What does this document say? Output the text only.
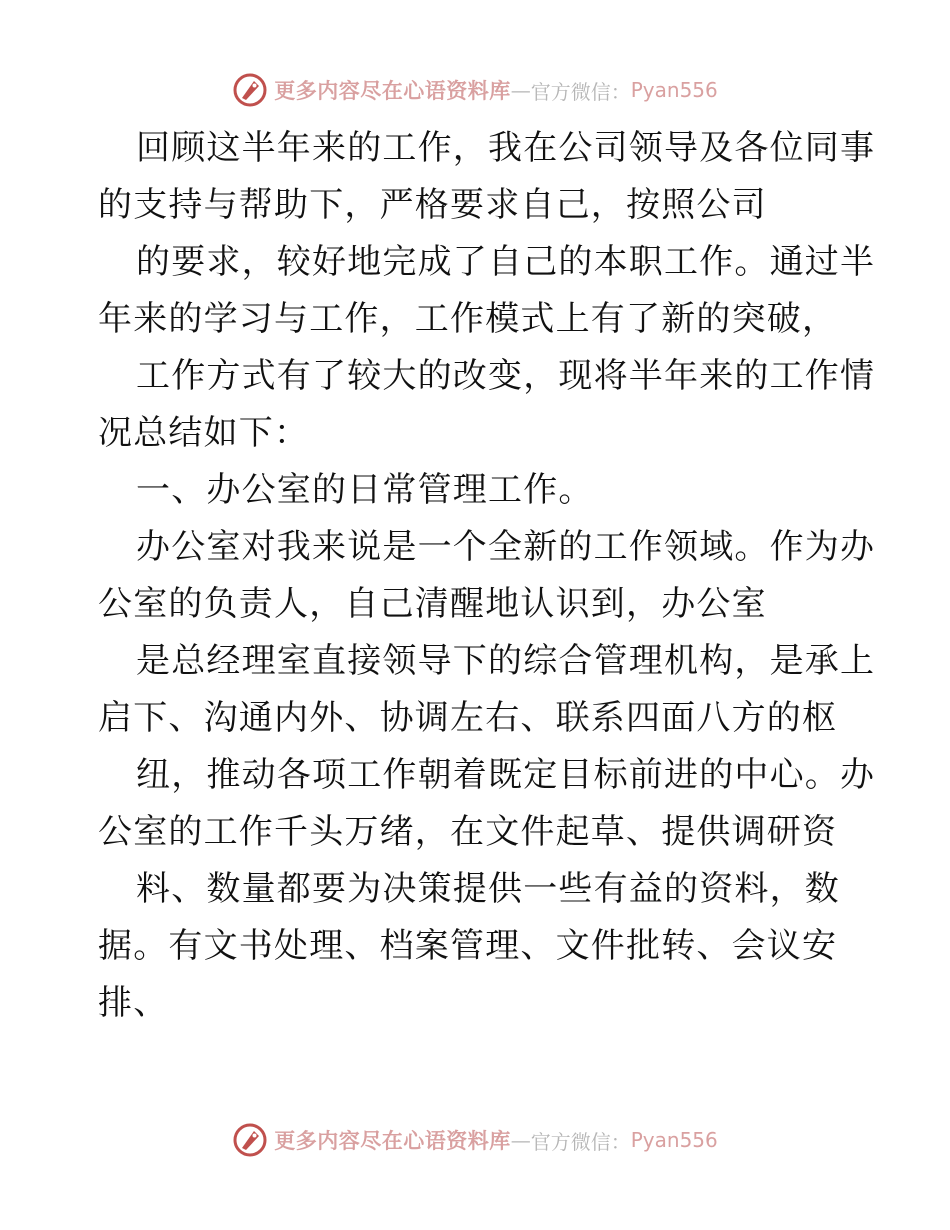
更多内容尽在心语资料库 — 官方微信： Pyan556
回顾这半年来的工作，我在公司领导及各位同事
的支持与帮助下，严格要求自己，按照公司
的要求，较好地完成了自己的本职工作。通过半
年来的学习与工作，工作模式上有了新的突破，
工作方式有了较大的改变，现将半年来的工作情
况总结如下：
一、办公室的日常管理工作。
办公室对我来说是一个全新的工作领域。作为办
公室的负责人，自己清醒地认识到，办公室
是总经理室直接领导下的综合管理机构，是承上
启下、沟通内外、协调左右、联系四面八方的枢
纽，推动各项工作朝着既定目标前进的中心。办
公室的工作千头万绪，在文件起草、提供调研资
料、数量都要为决策提供一些有益的资料，数
据。有文书处理、档案管理、文件批转、会议安
排、
更多内容尽在心语资料库 — 官方微信： Pyan556
